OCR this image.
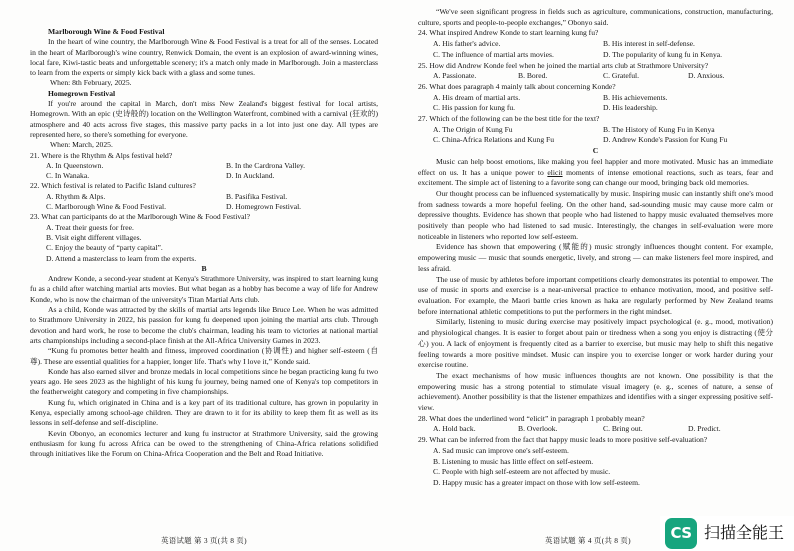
Marlborough Wine & Food Festival

In the heart of wine country, the Marlborough Wine & Food Festival is a treat for all of the senses. Located in the heart of Marlborough's wine country, Renwick Domain, the event is an explosion of award-winning wines, local fare, Kiwi-tastic beats and unforgettable scenery; it's a match only made in Marlborough. Join a masterclass to learn from the experts or simply kick back with a glass and some tunes.

When: 8th February, 2025.
Homegrown Festival

If you're around the capital in March, don't miss New Zealand's biggest festival for local artists, Homegrown. With an epic (史诗般的) location on the Wellington Waterfront, combined with a carnival (狂欢的) atmosphere and 40 acts across five stages, this massive party packs in a lot into just one day. All types are represented here, so there's something for everyone.

When: March, 2025.
21. Where is the Rhythm & Alps festival held?
A. In Queenstown.	B. In the Cardrona Valley.
C. In Wanaka.	D. In Auckland.
22. Which festival is related to Pacific Island cultures?
A. Rhythm & Alps.	B. Pasifika Festival.
C. Marlborough Wine & Food Festival.	D. Homegrown Festival.
23. What can participants do at the Marlborough Wine & Food Festival?
A. Treat their guests for free.
B. Visit eight different villages.
C. Enjoy the beauty of “party capital”.
D. Attend a masterclass to learn from the experts.
B

Andrew Konde, a second-year student at Kenya's Strathmore University, was inspired to start learning kung fu as a child after watching martial arts movies. But what began as a hobby has become a way of life for Andrew Konde, who is now the chairman of the university's Titan Martial Arts club.

As a child, Konde was attracted by the skills of martial arts legends like Bruce Lee. When he was admitted to Strathmore University in 2022, his passion for kung fu deepened upon joining the martial arts club. Through devotion and hard work, he rose to become the club's chairman, leading his team to victories at national martial arts championships including a second-place finish at the All-Africa University Games in 2023.

“Kung fu promotes better health and fitness, improved coordination (协调性) and higher self-esteem (自尊). These are essential qualities for a happier, longer life. That's why I love it,” Konde said.

Konde has also earned silver and bronze medals in local competitions since he began practicing kung fu two years ago. He sees 2023 as the highlight of his kung fu journey, being named one of Kenya's top competitors in the featherweight category and competing in five championships.

Kung fu, which originated in China and is a key part of its traditional culture, has grown in popularity in Kenya, especially among school-age children. They are drawn to it for its ability to keep them fit as well as its lessons in self-defense and self-discipline.

Kevin Obonyo, an economics lecturer and kung fu instructor at Strathmore University, said the growing enthusiasm for kung fu across Africa can be owed to the strengthening of China-Africa relations solidified through initiatives like the Forum on China-Africa Cooperation and the Belt and Road Initiative.

“We've seen significant progress in fields such as agriculture, communications, construction, manufacturing, culture, sports and people-to-people exchanges,” Obonyo said.

24. What inspired Andrew Konde to start learning kung fu?
A. His father's advice.	B. His interest in self-defense.
C. The influence of martial arts movies.	D. The popularity of kung fu in Kenya.
25. How did Andrew Konde feel when he joined the martial arts club at Strathmore University?
A. Passionate.	B. Bored.	C. Grateful.	D. Anxious.
26. What does paragraph 4 mainly talk about concerning Konde?
A. His dream of martial arts.	B. His achievements.
C. His passion for kung fu.	D. His leadership.
27. Which of the following can be the best title for the text?
A. The Origin of Kung Fu	B. The History of Kung Fu in Kenya
C. China-Africa Relations and Kung Fu	D. Andrew Konde's Passion for Kung Fu
C

Music can help boost emotions, like making you feel happier and more motivated. Music has an immediate effect on us. It has a unique power to elicit moments of intense emotional reactions, such as tears, fear and excitement. The simple act of listening to a favorite song can change our mood, bringing back old memories.

Our thought process can be influenced systematically by music. Inspiring music can instantly shift one's mood from sadness towards a more hopeful feeling. On the other hand, sad-sounding music may cause more calm or depressive thoughts. Evidence has shown that people who had listened to happy music evaluated themselves more positively than people who had listened to sad music. Interestingly, the changes in self-evaluation were more noticeable in listeners who reported low self-esteem.

Evidence has shown that empowering (赋能的) music strongly influences thought content. For example, empowering music — music that sounds energetic, lively, and strong — can make listeners feel more inspired, and less afraid.

The use of music by athletes before important competitions clearly demonstrates its potential to empower. The use of music in sports and exercise is a near-universal practice to enhance motivation, mood, and positive self-evaluation. For example, the Maori battle cries known as haka are regularly performed by New Zealand teams before international athletic competitions to put the performers in the right mindset.

Similarly, listening to music during exercise may positively impact psychological (e. g., mood, motivation) and physiological changes. It is easier to forget about pain or tiredness when a song you enjoy is distracting (使分心) you. A lack of enjoyment is frequently cited as a barrier to exercise, but music may help to shift this negative feeling towards a more positive mindset. Music can inspire you to exercise longer or work harder during your exercise routine.

The exact mechanisms of how music influences thoughts are not known. One possibility is that the empowering music has a strong potential to stimulate visual imagery (e. g., scenes of nature, a sense of achievement). Another possibility is that the listener empathizes and identifies with a singer expressing positive self-view.

28. What does the underlined word “elicit” in paragraph 1 probably mean?
A. Hold back.	B. Overlook.	C. Bring out.	D. Predict.
29. What can be inferred from the fact that happy music leads to more positive self-evaluation?
A. Sad music can improve one's self-esteem.
B. Listening to music has little effect on self-esteem.
C. People with high self-esteem are not affected by music.
D. Happy music has a greater impact on those with low self-esteem.
英语试题 第 3 页(共 8 页)	英语试题 第 4 页(共 8 页)	CS 扫描全能王
